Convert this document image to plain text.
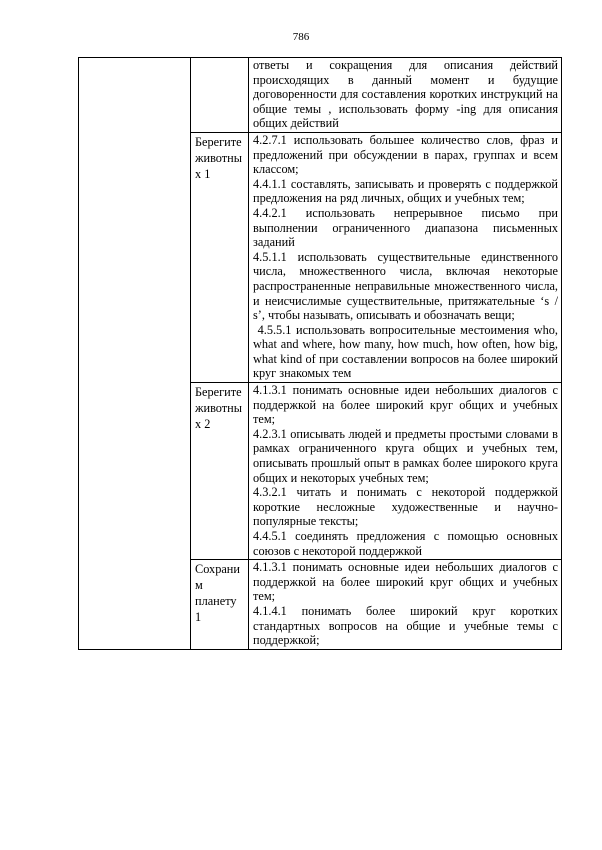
786

		ответы и сокращения для описания действий происходящих в данный момент и будущие договоренности для составления коротких инструкций на общие темы , использовать форму -ing для описания общих действий

	Берегите животны х 1	4.2.7.1 использовать большее количество слов, фраз и предложений при обсуждении в парах, группах и всем классом;
4.4.1.1 составлять, записывать и проверять с поддержкой предложения на ряд личных, общих и учебных тем;
4.4.2.1 использовать непрерывное письмо при выполнении ограниченного диапазона письменных заданий
4.5.1.1 использовать существительные единственного числа, множественного числа, включая некоторые распространенные неправильные множественного числа, и неисчислимые существительные, притяжательные ‘s / s’, чтобы называть, описывать и обозначать вещи;
4.5.5.1 использовать вопросительные местоимения who, what and where, how many, how much, how often, how big, what kind of при составлении вопросов на более широкий круг знакомых тем

	Берегите животны х 2	4.1.3.1 понимать основные идеи небольших диалогов с поддержкой на более широкий круг общих и учебных тем;
4.2.3.1 описывать людей и предметы простыми словами в рамках ограниченного круга общих и учебных тем, описывать прошлый опыт в рамках более широкого круга общих и некоторых учебных тем;
4.3.2.1 читать и понимать с некоторой поддержкой короткие несложные художественные и научно-популярные тексты;
4.4.5.1 соединять предложения с помощью основных союзов с некоторой поддержкой

	Сохрани м планету 1	4.1.3.1 понимать основные идеи небольших диалогов с поддержкой на более широкий круг общих и учебных тем;
4.1.4.1 понимать более широкий круг коротких стандартных вопросов на общие и учебные темы с поддержкой;
